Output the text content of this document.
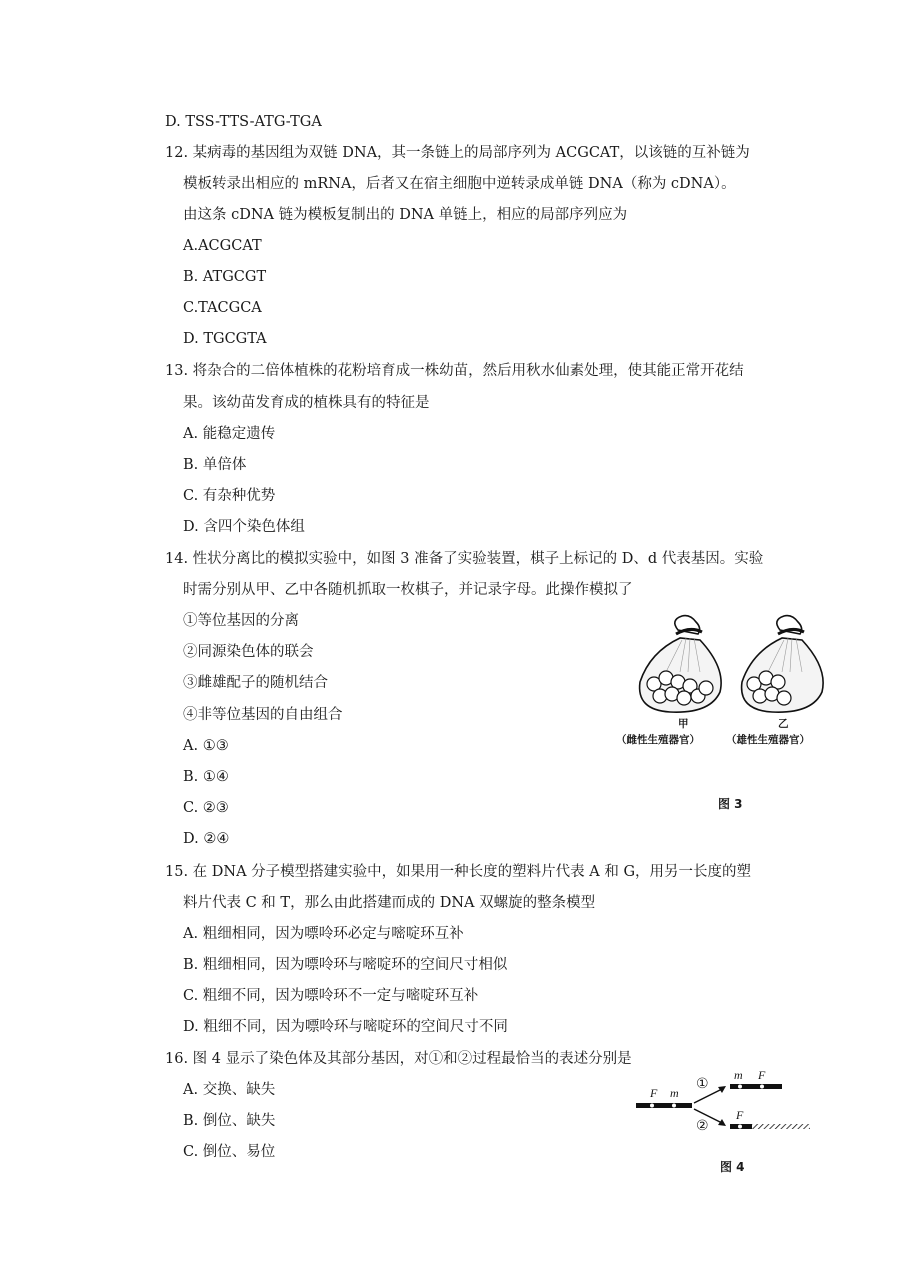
D. TSS-TTS-ATG-TGA
12. 某病毒的基因组为双链 DNA，其一条链上的局部序列为 ACGCAT，以该链的互补链为
模板转录出相应的 mRNA，后者又在宿主细胞中逆转录成单链 DNA（称为 cDNA）。
由这条 cDNA 链为模板复制出的 DNA 单链上，相应的局部序列应为
A.ACGCAT
B. ATGCGT
C.TACGCA
D. TGCGTA
13. 将杂合的二倍体植株的花粉培育成一株幼苗，然后用秋水仙素处理，使其能正常开花结
果。该幼苗发育成的植株具有的特征是
A. 能稳定遗传
B. 单倍体
C. 有杂种优势
D. 含四个染色体组
14. 性状分离比的模拟实验中，如图 3 准备了实验装置，棋子上标记的 D、d 代表基因。实验
时需分别从甲、乙中各随机抓取一枚棋子，并记录字母。此操作模拟了
①等位基因的分离
②同源染色体的联会
③雌雄配子的随机结合
④非等位基因的自由组合
A. ①③
B. ①④
C. ②③
D. ②④
甲
（雌性生殖器官）
乙
（雄性生殖器官）
图 3
15. 在 DNA 分子模型搭建实验中，如果用一种长度的塑料片代表 A 和 G，用另一长度的塑
料片代表 C 和 T，那么由此搭建而成的 DNA 双螺旋的整条模型
A. 粗细相同，因为嘌呤环必定与嘧啶环互补
B. 粗细相同，因为嘌呤环与嘧啶环的空间尺寸相似
C. 粗细不同，因为嘌呤环不一定与嘧啶环互补
D. 粗细不同，因为嘌呤环与嘧啶环的空间尺寸不同
16. 图 4 显示了染色体及其部分基因，对①和②过程最恰当的表述分别是
A. 交换、缺失
B. 倒位、缺失
C. 倒位、易位
F m
①
②
m F
F
图 4
